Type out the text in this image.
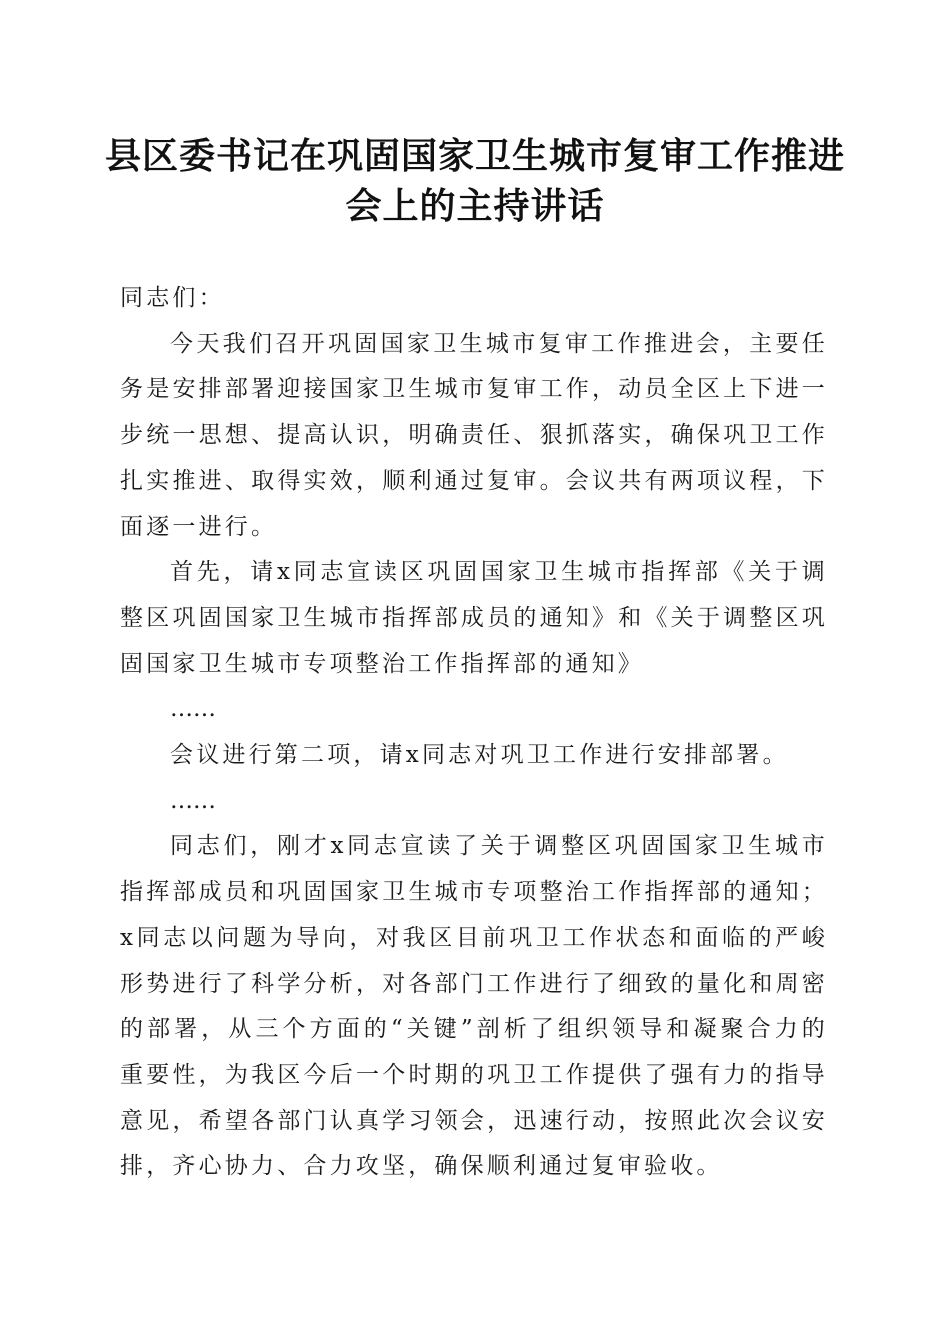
县区委书记在巩固国家卫生城市复审工作推进会上的主持讲话

同志们：

今天我们召开巩固国家卫生城市复审工作推进会，主要任务是安排部署迎接国家卫生城市复审工作，动员全区上下进一步统一思想、提高认识，明确责任、狠抓落实，确保巩卫工作扎实推进、取得实效，顺利通过复审。会议共有两项议程，下面逐一进行。

首先，请x同志宣读区巩固国家卫生城市指挥部《关于调整区巩固国家卫生城市指挥部成员的通知》和《关于调整区巩固国家卫生城市专项整治工作指挥部的通知》

……

会议进行第二项，请x同志对巩卫工作进行安排部署。

……

同志们，刚才x同志宣读了关于调整区巩固国家卫生城市指挥部成员和巩固国家卫生城市专项整治工作指挥部的通知；x同志以问题为导向，对我区目前巩卫工作状态和面临的严峻形势进行了科学分析，对各部门工作进行了细致的量化和周密的部署，从三个方面的“关键”剖析了组织领导和凝聚合力的重要性，为我区今后一个时期的巩卫工作提供了强有力的指导意见，希望各部门认真学习领会，迅速行动，按照此次会议安排，齐心协力、合力攻坚，确保顺利通过复审验收。
